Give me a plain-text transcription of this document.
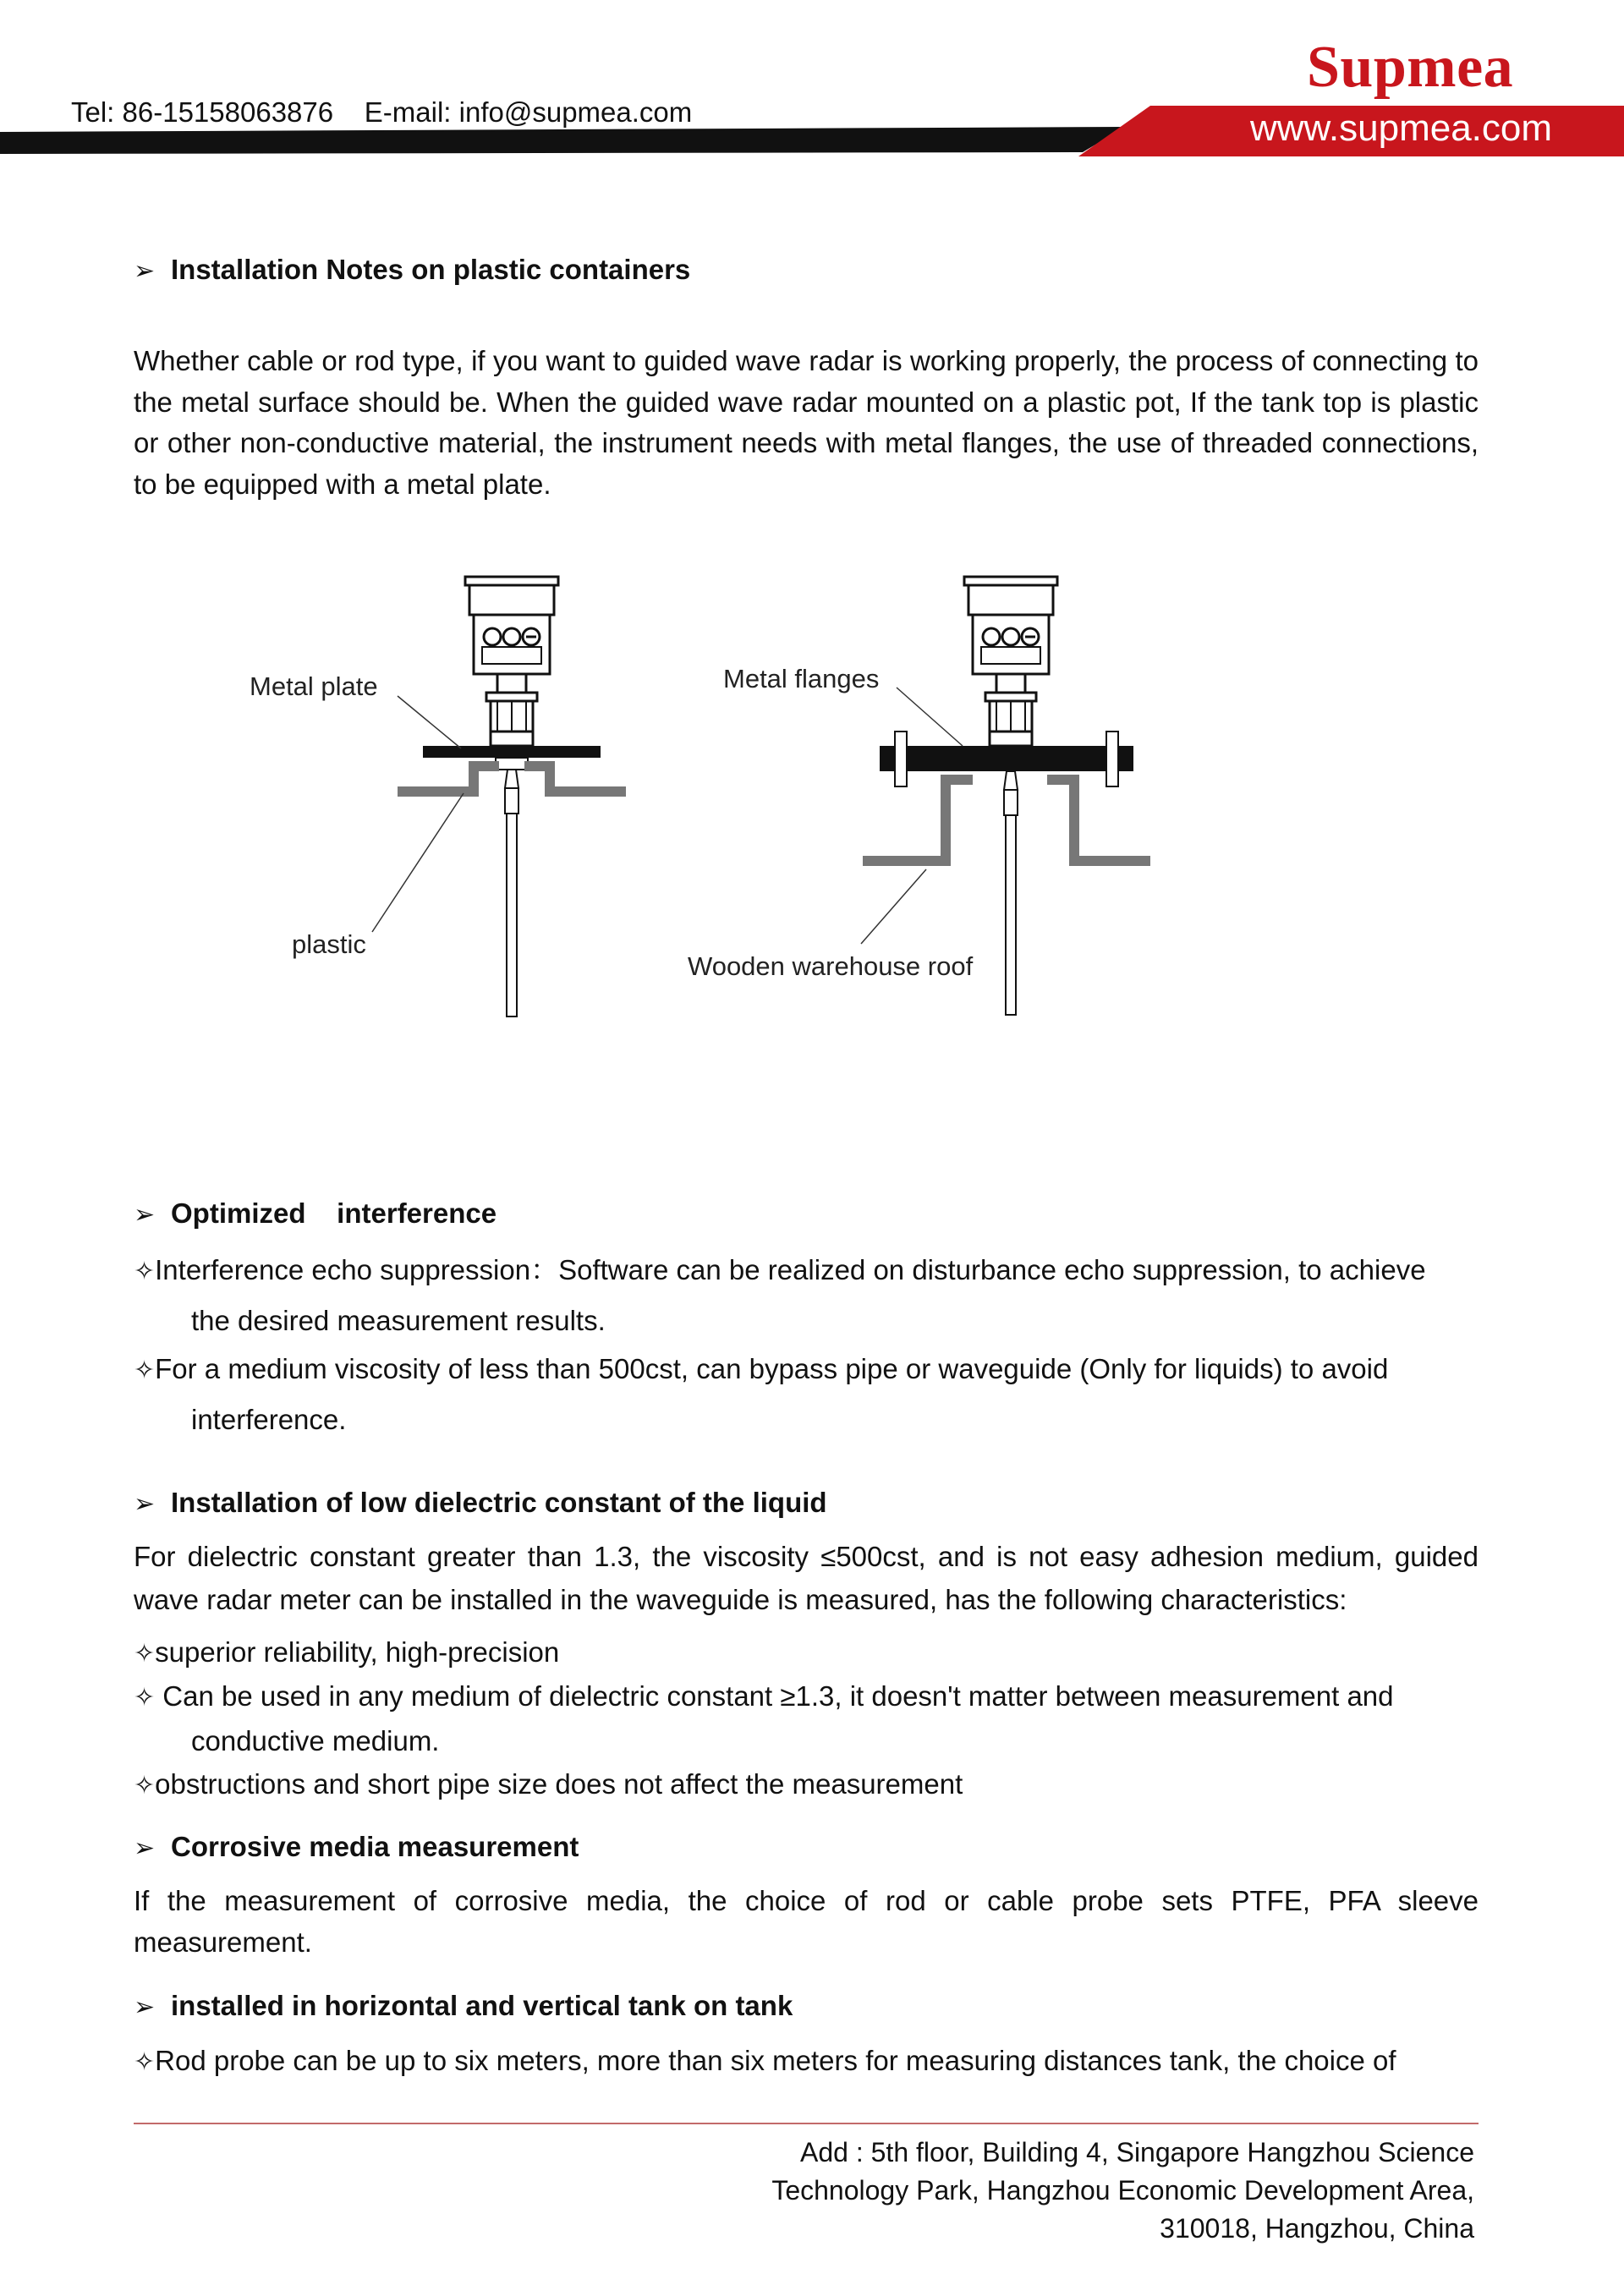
Supmea
Tel: 86-15158063876 E-mail: info@supmea.com	www.supmea.com
➢ Installation Notes on plastic containers
Whether cable or rod type, if you want to guided wave radar is working properly, the process of connecting to the metal surface should be. When the guided wave radar mounted on a plastic pot, If the tank top is plastic or other non-conductive material, the instrument needs with metal flanges, the use of threaded connections, to be equipped with a metal plate.
Metal plate
plastic
Metal flanges
Wooden warehouse roof
➢ Optimized    interference
✧Interference echo suppression：Software can be realized on disturbance echo suppression, to achieve
the desired measurement results.
✧For a medium viscosity of less than 500cst, can bypass pipe or waveguide (Only for liquids) to avoid
interference.
➢ Installation of low dielectric constant of the liquid
For dielectric constant greater than 1.3, the viscosity ≤500cst, and is not easy adhesion medium, guided wave radar meter can be installed in the waveguide is measured, has the following characteristics:
✧superior reliability, high-precision
✧ Can be used in any medium of dielectric constant ≥1.3, it doesn't matter between measurement and
conductive medium.
✧obstructions and short pipe size does not affect the measurement
➢ Corrosive media measurement
If the measurement of corrosive media, the choice of rod or cable probe sets PTFE, PFA sleeve measurement.
➢ installed in horizontal and vertical tank on tank
✧Rod probe can be up to six meters, more than six meters for measuring distances tank, the choice of
Add : 5th floor, Building 4, Singapore Hangzhou Science
Technology Park, Hangzhou Economic Development Area,
310018, Hangzhou, China
